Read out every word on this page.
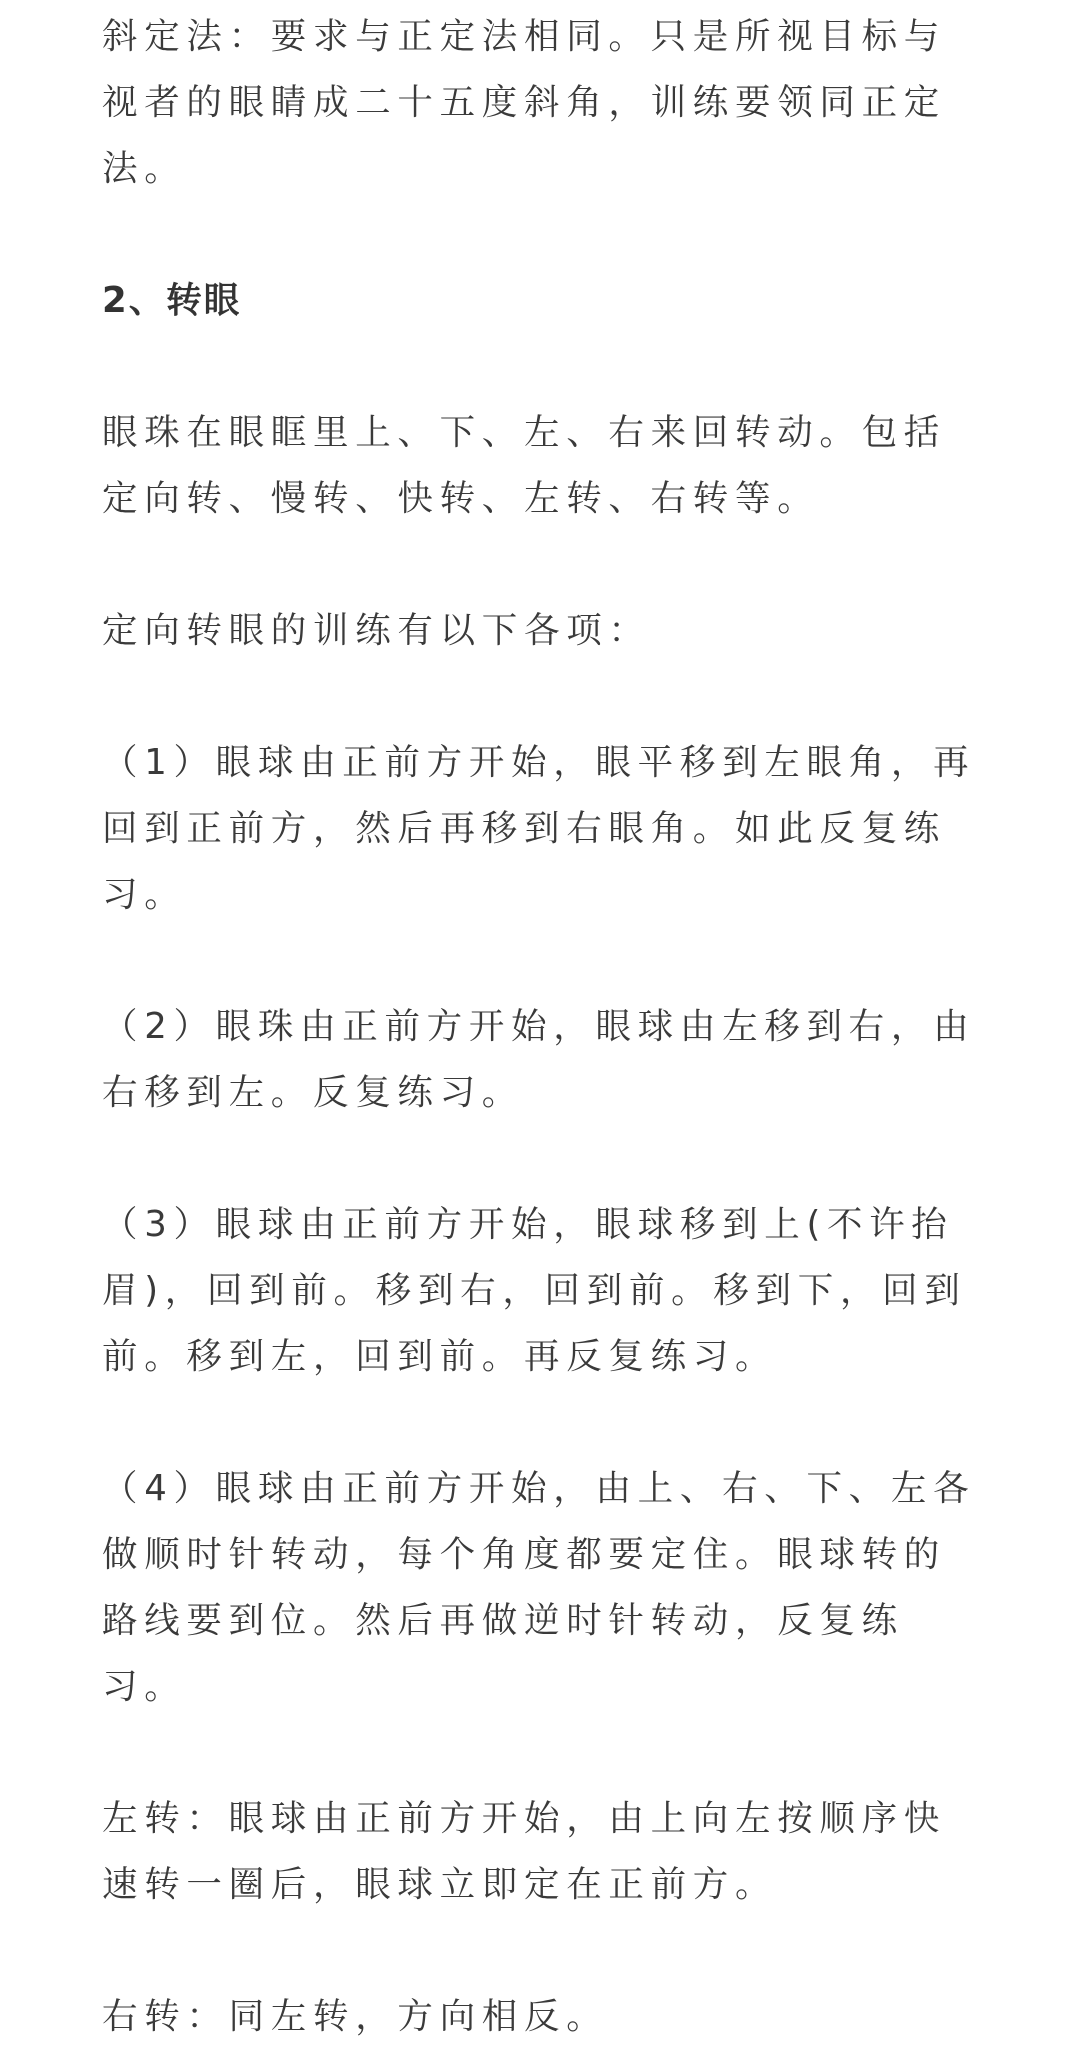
斜定法：要求与正定法相同。只是所视目标与视者的眼睛成二十五度斜角，训练要领同正定法。

2、转眼

眼珠在眼眶里上、下、左、右来回转动。包括定向转、慢转、快转、左转、右转等。

定向转眼的训练有以下各项：

（1）眼球由正前方开始，眼平移到左眼角，再回到正前方，然后再移到右眼角。如此反复练习。

（2）眼珠由正前方开始，眼球由左移到右，由右移到左。反复练习。

（3）眼球由正前方开始，眼球移到上(不许抬眉)，回到前。移到右，回到前。移到下，回到前。移到左，回到前。再反复练习。

（4）眼球由正前方开始，由上、右、下、左各做顺时针转动，每个角度都要定住。眼球转的路线要到位。然后再做逆时针转动，反复练习。

左转：眼球由正前方开始，由上向左按顺序快速转一圈后，眼球立即定在正前方。

右转：同左转，方向相反。
